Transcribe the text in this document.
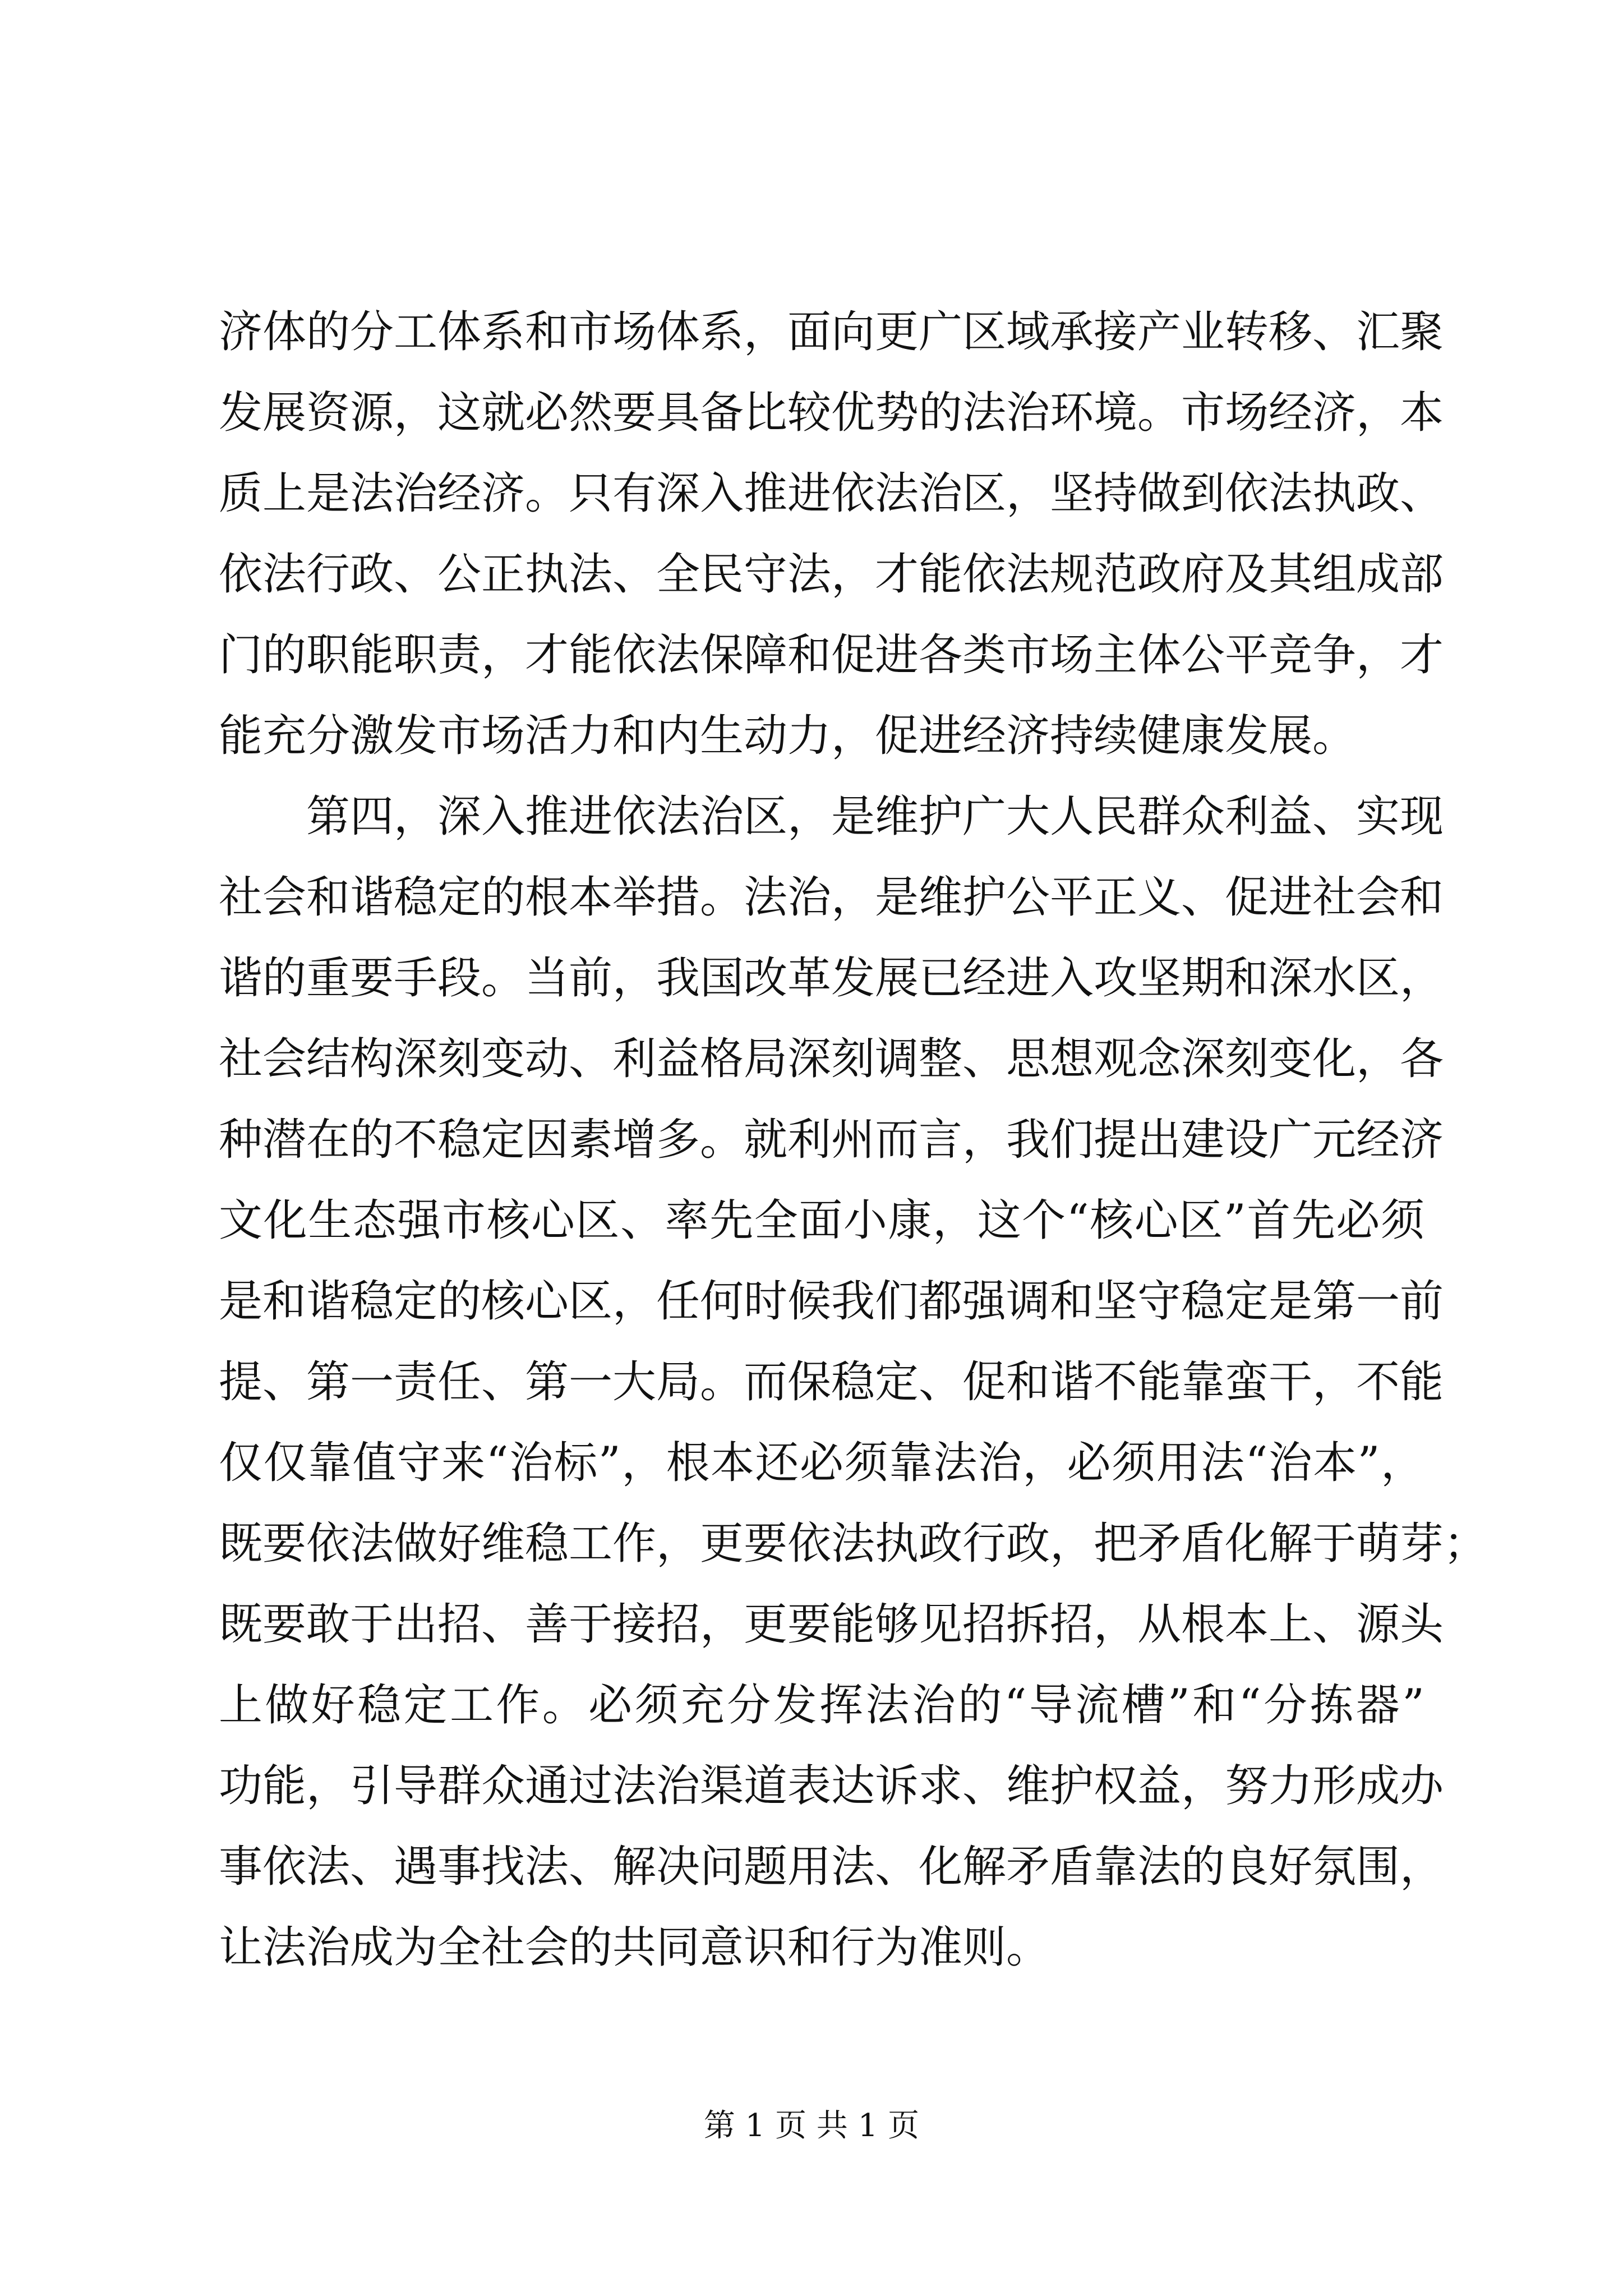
济体的分工体系和市场体系，面向更广区域承接产业转移、汇聚
发展资源，这就必然要具备比较优势的法治环境。市场经济，本
质上是法治经济。只有深入推进依法治区，坚持做到依法执政、
依法行政、公正执法、全民守法，才能依法规范政府及其组成部
门的职能职责，才能依法保障和促进各类市场主体公平竞争，才
能充分激发市场活力和内生动力，促进经济持续健康发展。
　　第四，深入推进依法治区，是维护广大人民群众利益、实现
社会和谐稳定的根本举措。法治，是维护公平正义、促进社会和
谐的重要手段。当前，我国改革发展已经进入攻坚期和深水区，
社会结构深刻变动、利益格局深刻调整、思想观念深刻变化，各
种潜在的不稳定因素增多。就利州而言，我们提出建设广元经济
文化生态强市核心区、率先全面小康，这个“核心区”首先必须
是和谐稳定的核心区，任何时候我们都强调和坚守稳定是第一前
提、第一责任、第一大局。而保稳定、促和谐不能靠蛮干，不能
仅仅靠值守来“治标”，根本还必须靠法治，必须用法“治本”，
既要依法做好维稳工作，更要依法执政行政，把矛盾化解于萌芽；
既要敢于出招、善于接招，更要能够见招拆招，从根本上、源头
上做好稳定工作。必须充分发挥法治的“导流槽”和“分拣器”
功能，引导群众通过法治渠道表达诉求、维护权益，努力形成办
事依法、遇事找法、解决问题用法、化解矛盾靠法的良好氛围，
让法治成为全社会的共同意识和行为准则。
第 1 页 共 1 页
